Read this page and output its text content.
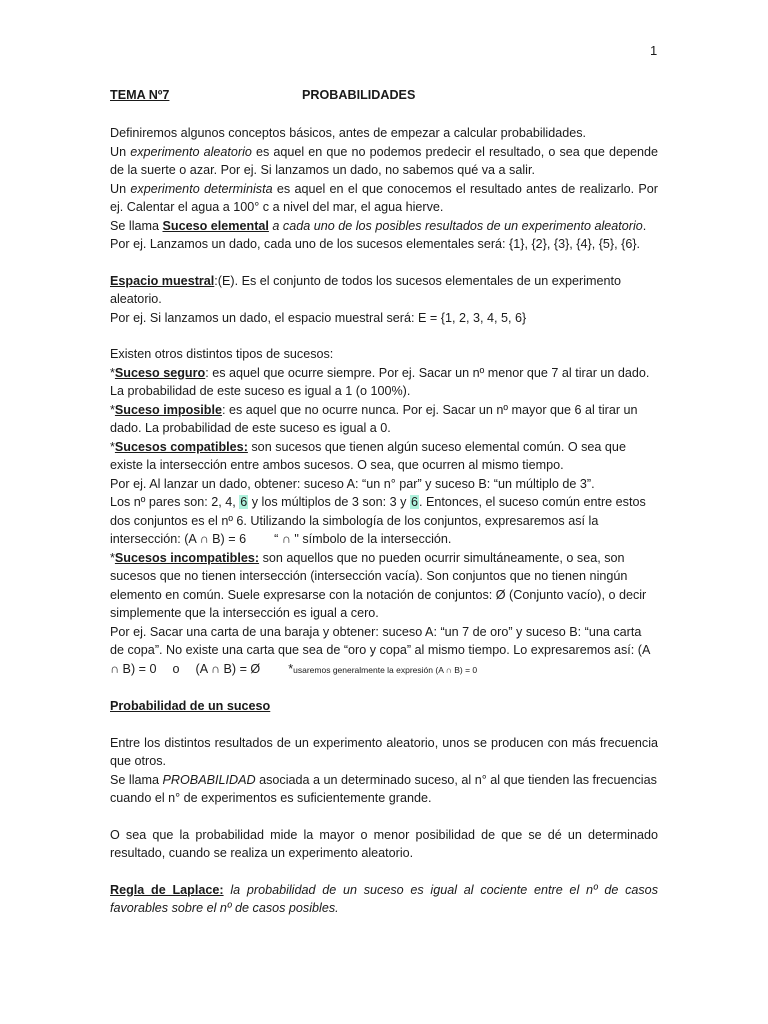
1
TEMA Nº7	PROBABILIDADES

Definiremos algunos conceptos básicos, antes de empezar a calcular probabilidades.

Un experimento aleatorio es aquel en que no podemos predecir el resultado, o sea que depende de la suerte o azar. Por ej. Si lanzamos un dado, no sabemos qué va a salir.

Un experimento determinista es aquel en el que conocemos el resultado antes de realizarlo. Por ej. Calentar el agua a 100° c a nivel del mar, el agua hierve.

Se llama Suceso elemental a cada uno de los posibles resultados de un experimento aleatorio.

Por ej. Lanzamos un dado, cada uno de los sucesos elementales será: {1}, {2}, {3}, {4}, {5}, {6}.

Espacio muestral:(E). Es el conjunto de todos los sucesos elementales de un experimento aleatorio.

Por ej. Si lanzamos un dado, el espacio muestral será: E = {1, 2, 3, 4, 5, 6}

Existen otros distintos tipos de sucesos:

*Suceso seguro: es aquel que ocurre siempre. Por ej. Sacar un nº menor que 7 al tirar un dado.
La probabilidad de este suceso es igual a 1 (o 100%).

*Suceso imposible: es aquel que no ocurre nunca. Por ej. Sacar un nº mayor que 6 al tirar un dado. La probabilidad de este suceso es igual a 0.

*Sucesos compatibles: son sucesos que tienen algún suceso elemental común. O sea que existe la intersección entre ambos sucesos. O sea, que ocurren al mismo tiempo.

Por ej. Al lanzar un dado, obtener: suceso A: “un n° par” y suceso B: “un múltiplo de 3”.

Los nº pares son: 2, 4, 6 y los múltiplos de 3 son: 3 y 6. Entonces, el suceso común entre estos dos conjuntos es el nº 6. Utilizando la simbología de los conjuntos, expresaremos así la intersección: (A ∩ B) = 6 “ ∩ " símbolo de la intersección.

*Sucesos incompatibles: son aquellos que no pueden ocurrir simultáneamente, o sea, son sucesos que no tienen intersección (intersección vacía). Son conjuntos que no tienen ningún elemento en común. Suele expresarse con la notación de conjuntos: Ø (Conjunto vacío), o decir simplemente que la intersección es igual a cero.

Por ej. Sacar una carta de una baraja y obtener: suceso A: “un 7 de oro” y suceso B: “una carta de copa”. No existe una carta que sea de “oro y copa” al mismo tiempo. Lo expresaremos así: (A ∩ B) = 0 o (A ∩ B) = Ø *usaremos generalmente la expresión (A ∩ B) = 0

Probabilidad de un suceso

Entre los distintos resultados de un experimento aleatorio, unos se producen con más frecuencia que otros.

Se llama PROBABILIDAD asociada a un determinado suceso, al n° al que tienden las frecuencias cuando el n° de experimentos es suficientemente grande.

O sea que la probabilidad mide la mayor o menor posibilidad de que se dé un determinado resultado, cuando se realiza un experimento aleatorio.

Regla de Laplace: la probabilidad de un suceso es igual al cociente entre el nº de casos favorables sobre el nº de casos posibles.
